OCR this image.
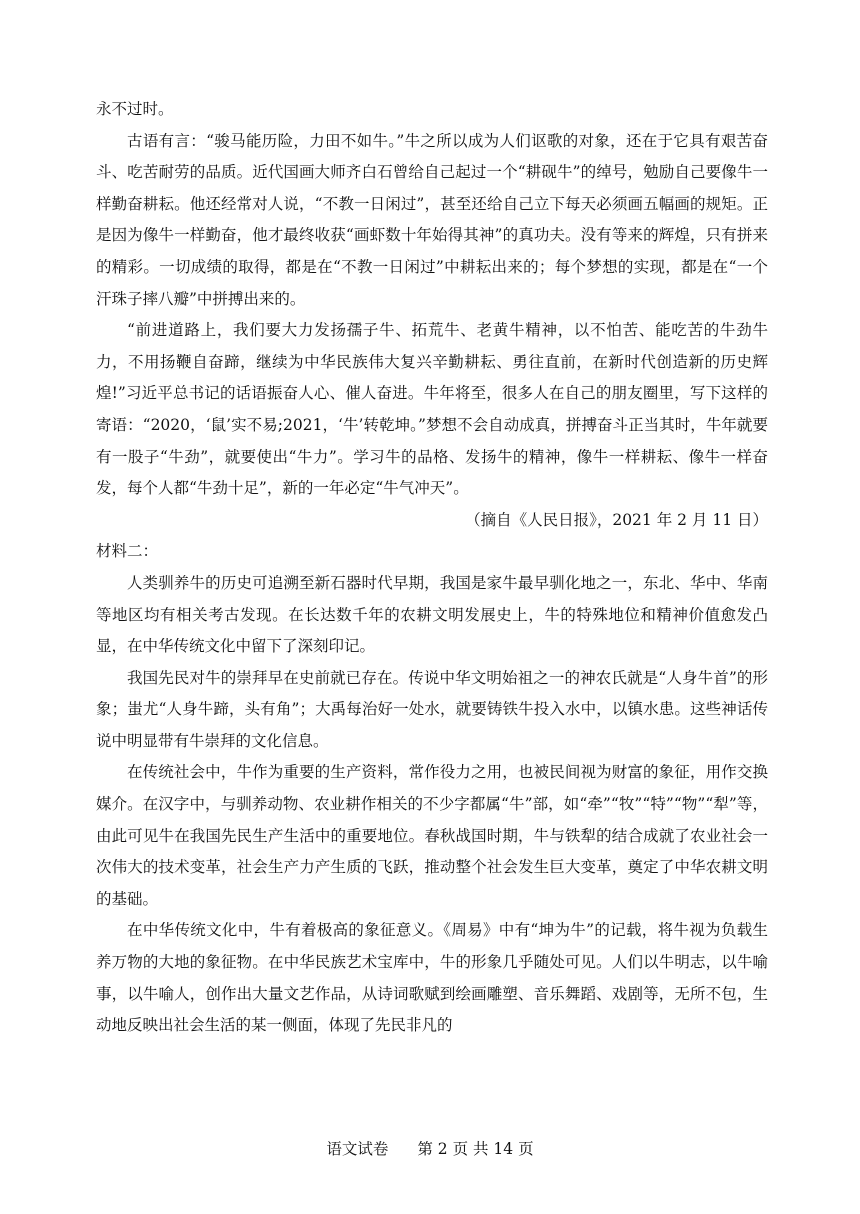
永不过时。

古语有言：“骏马能历险，力田不如牛。”牛之所以成为人们讴歌的对象，还在于它具有艰苦奋斗、吃苦耐劳的品质。近代国画大师齐白石曾给自己起过一个“耕砚牛”的绰号，勉励自己要像牛一样勤奋耕耘。他还经常对人说，“不教一日闲过”，甚至还给自己立下每天必须画五幅画的规矩。正是因为像牛一样勤奋，他才最终收获“画虾数十年始得其神”的真功夫。没有等来的辉煌，只有拼来的精彩。一切成绩的取得，都是在“不教一日闲过”中耕耘出来的；每个梦想的实现，都是在“一个汗珠子摔八瓣”中拼搏出来的。

“前进道路上，我们要大力发扬孺子牛、拓荒牛、老黄牛精神，以不怕苦、能吃苦的牛劲牛力，不用扬鞭自奋蹄，继续为中华民族伟大复兴辛勤耕耘、勇往直前，在新时代创造新的历史辉煌!”习近平总书记的话语振奋人心、催人奋进。牛年将至，很多人在自己的朋友圈里，写下这样的寄语：“2020，‘鼠’实不易;2021，‘牛’转乾坤。”梦想不会自动成真，拼搏奋斗正当其时，牛年就要有一股子“牛劲”，就要使出“牛力”。学习牛的品格、发扬牛的精神，像牛一样耕耘、像牛一样奋发，每个人都“牛劲十足”，新的一年必定“牛气冲天”。

（摘自《人民日报》，2021 年 2 月 11 日）

材料二：

人类驯养牛的历史可追溯至新石器时代早期，我国是家牛最早驯化地之一，东北、华中、华南等地区均有相关考古发现。在长达数千年的农耕文明发展史上，牛的特殊地位和精神价值愈发凸显，在中华传统文化中留下了深刻印记。

我国先民对牛的崇拜早在史前就已存在。传说中华文明始祖之一的神农氏就是“人身牛首”的形象；蚩尤“人身牛蹄，头有角”；大禹每治好一处水，就要铸铁牛投入水中，以镇水患。这些神话传说中明显带有牛崇拜的文化信息。

在传统社会中，牛作为重要的生产资料，常作役力之用，也被民间视为财富的象征，用作交换媒介。在汉字中，与驯养动物、农业耕作相关的不少字都属“牛”部，如“牵”“牧”“特”“物”“犁”等，由此可见牛在我国先民生产生活中的重要地位。春秋战国时期，牛与铁犁的结合成就了农业社会一次伟大的技术变革，社会生产力产生质的飞跃，推动整个社会发生巨大变革，奠定了中华农耕文明的基础。

在中华传统文化中，牛有着极高的象征意义。《周易》中有“坤为牛”的记载，将牛视为负载生养万物的大地的象征物。在中华民族艺术宝库中，牛的形象几乎随处可见。人们以牛明志，以牛喻事，以牛喻人，创作出大量文艺作品，从诗词歌赋到绘画雕塑、音乐舞蹈、戏剧等，无所不包，生动地反映出社会生活的某一侧面，体现了先民非凡的

语文试卷 第 2 页 共 14 页
